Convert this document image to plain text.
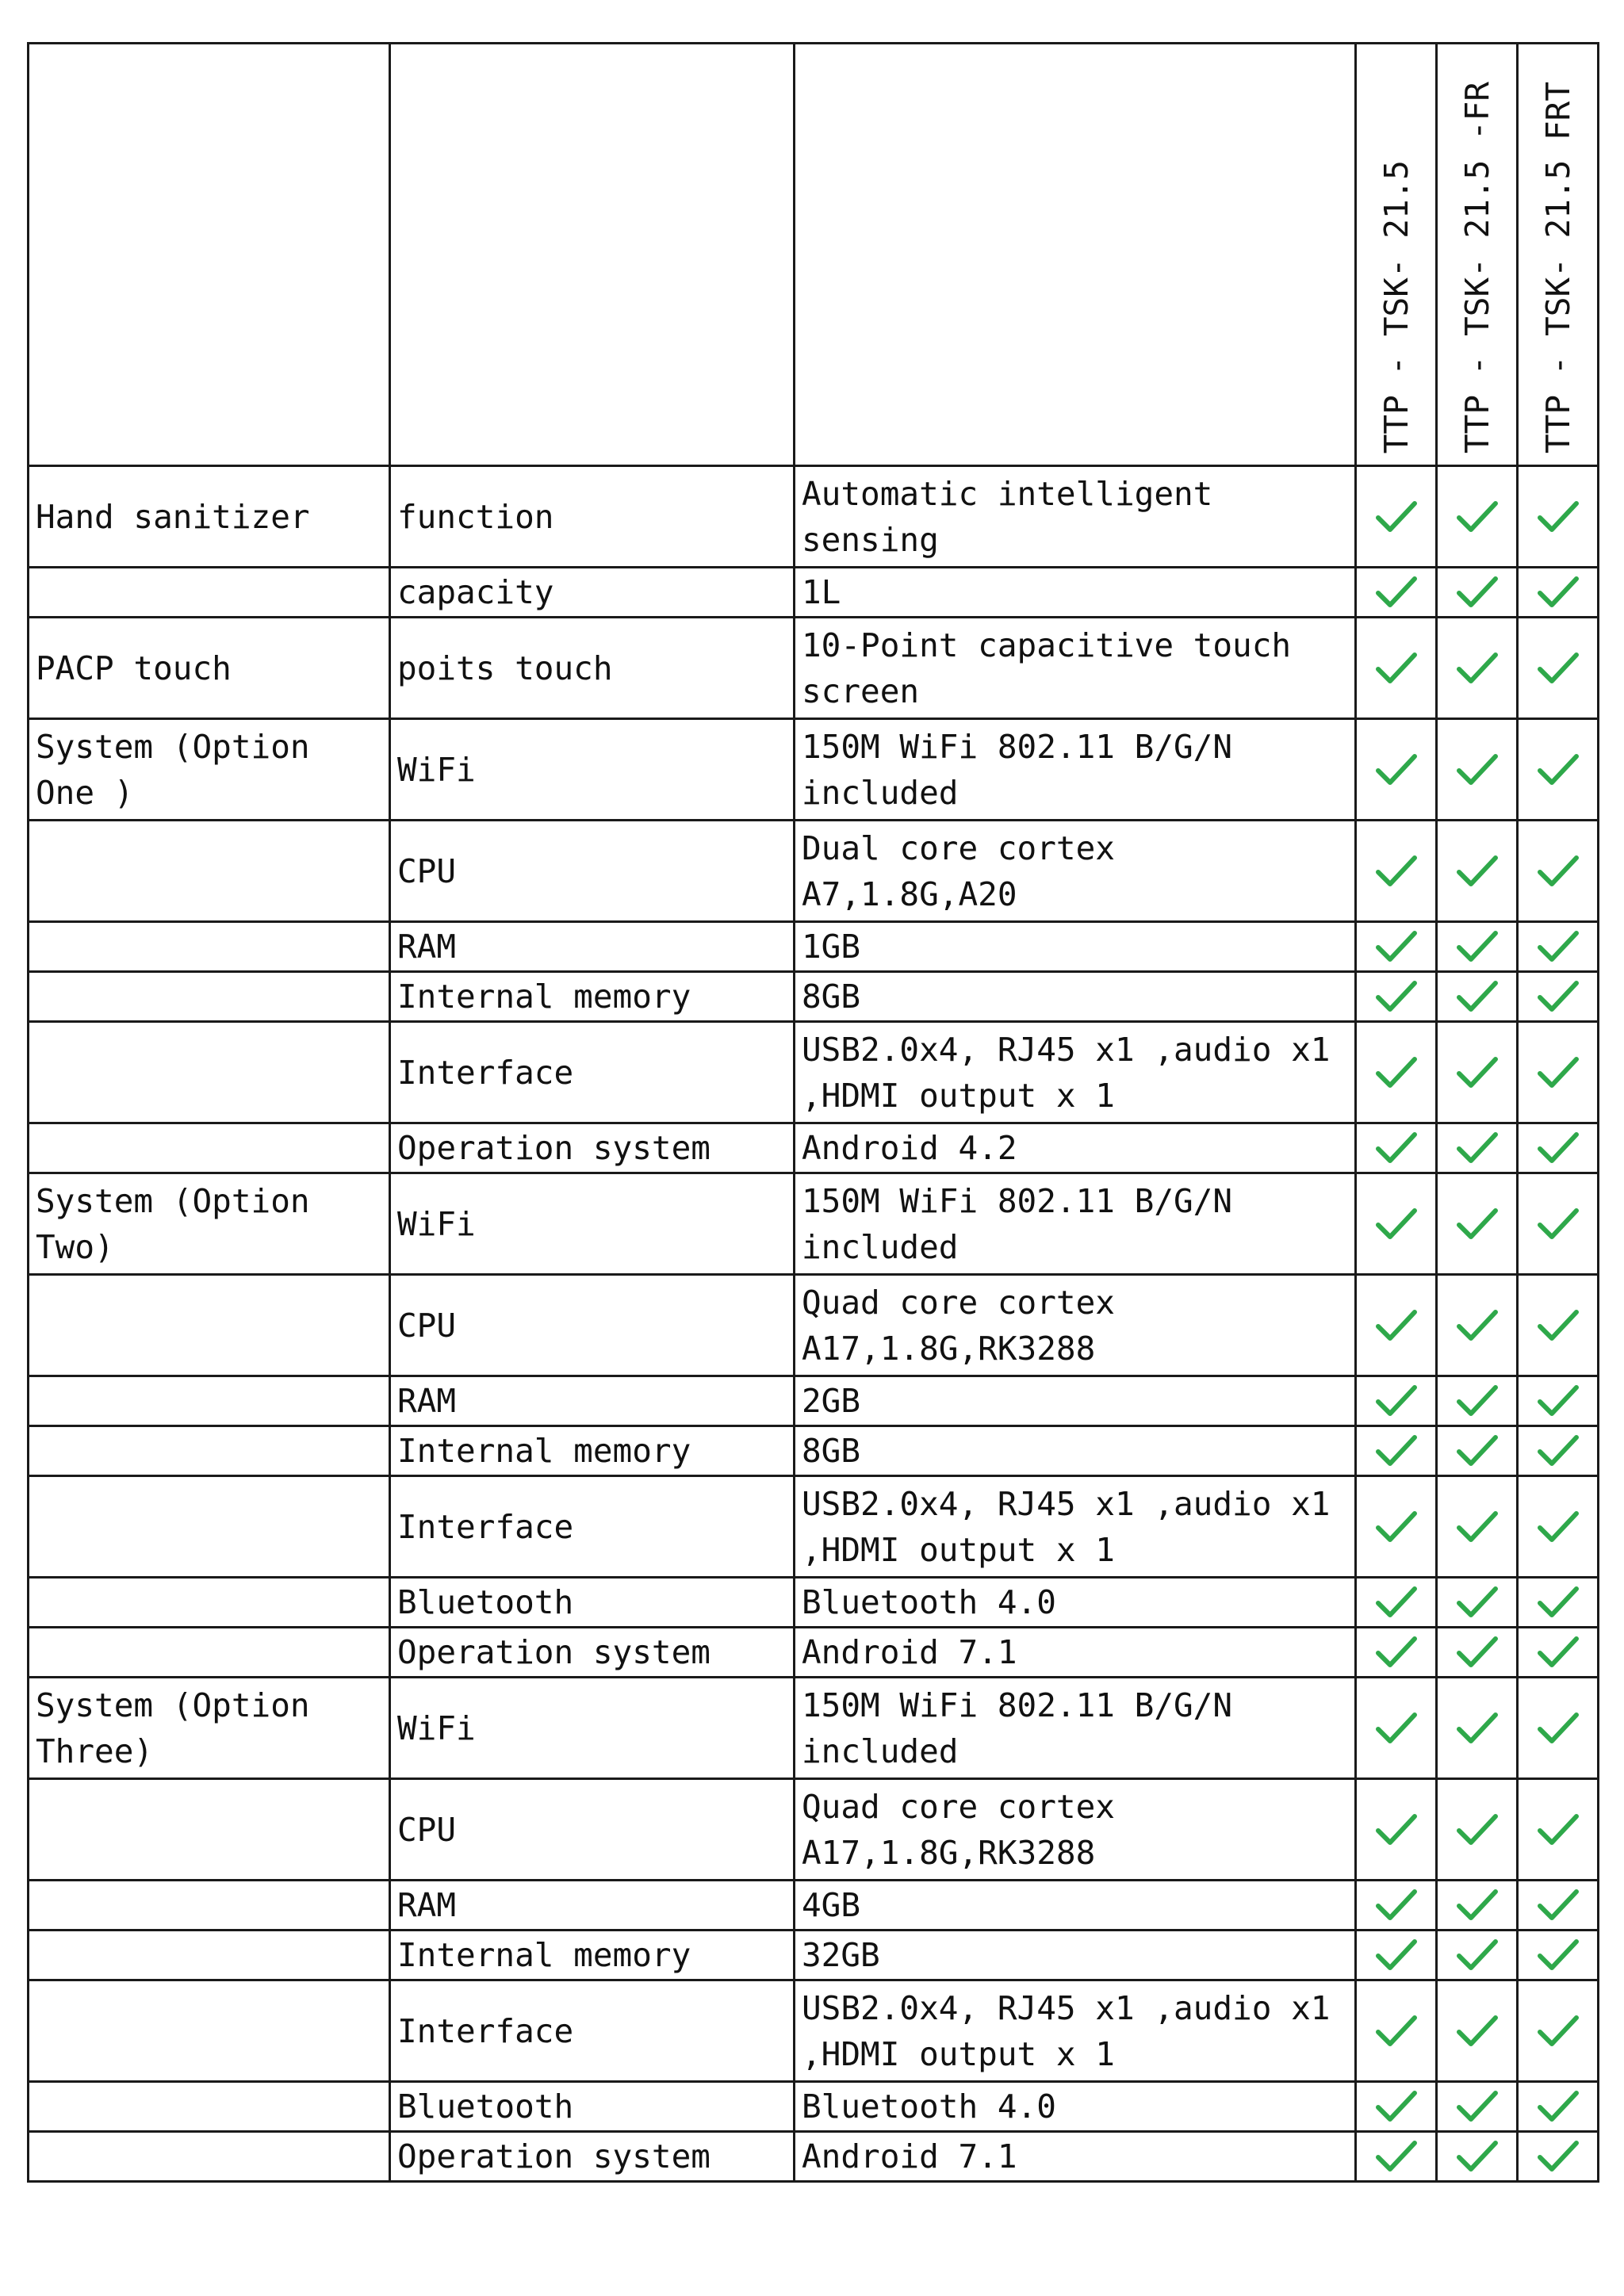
			TTP - TSK- 21.5	TTP - TSK- 21.5 -FR	TTP - TSK- 21.5 FRT

Hand sanitizer	function	Automatic intelligent sensing	

	capacity	1L	

PACP touch	poits touch	10-Point capacitive touch screen	

System (Option One )	WiFi	150M WiFi 802.11 B/G/N included	

	CPU	Dual core cortex A7,1.8G,A20	

	RAM	1GB	

	Internal memory	8GB	

	Interface	USB2.0x4, RJ45 x1 ,audio x1 ,HDMI output x 1	

	Operation system	Android 4.2	

System (Option Two)	WiFi	150M WiFi 802.11 B/G/N included	

	CPU	Quad core cortex A17,1.8G,RK3288	

	RAM	2GB	

	Internal memory	8GB	

	Interface	USB2.0x4, RJ45 x1 ,audio x1 ,HDMI output x 1	

	Bluetooth	Bluetooth 4.0	

	Operation system	Android 7.1	

System (Option Three)	WiFi	150M WiFi 802.11 B/G/N included	

	CPU	Quad core cortex A17,1.8G,RK3288	

	RAM	4GB	

	Internal memory	32GB	

	Interface	USB2.0x4, RJ45 x1 ,audio x1 ,HDMI output x 1	

	Bluetooth	Bluetooth 4.0	

	Operation system	Android 7.1	
